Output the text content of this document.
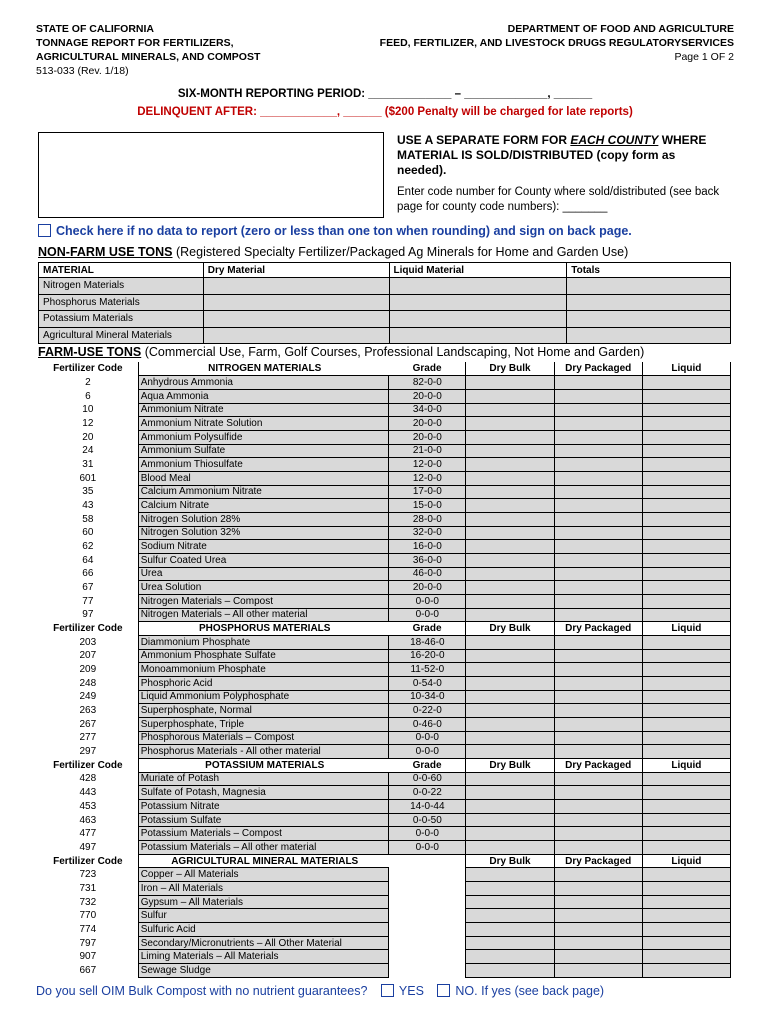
STATE OF CALIFORNIA
TONNAGE REPORT FOR FERTILIZERS,
AGRICULTURAL MINERALS, AND COMPOST
513-033 (Rev. 1/18)
DEPARTMENT OF FOOD AND AGRICULTURE
FEED, FERTILIZER, AND LIVESTOCK DRUGS REGULATORYSERVICES
Page 1 OF 2
SIX-MONTH REPORTING PERIOD: _____________ – _____________, ______
DELINQUENT AFTER: ____________, ______ ($200 Penalty will be charged for late reports)
USE A SEPARATE FORM FOR EACH COUNTY WHERE MATERIAL IS SOLD/DISTRIBUTED (copy form as needed).
Enter code number for County where sold/distributed (see back page for county code numbers): _______
Check here if no data to report (zero or less than one ton when rounding) and sign on back page.
NON-FARM USE TONS (Registered Specialty Fertilizer/Packaged Ag Minerals for Home and Garden Use)
MATERIAL	Dry Material	Liquid Material	Totals
Nitrogen Materials			
Phosphorus Materials			
Potassium Materials			
Agricultural Mineral Materials			
FARM-USE TONS (Commercial Use, Farm, Golf Courses, Professional Landscaping, Not Home and Garden)
Fertilizer Code	NITROGEN MATERIALS	Grade	Dry Bulk	Dry Packaged	Liquid
2	Anhydrous Ammonia	82-0-0			
6	Aqua Ammonia	20-0-0			
10	Ammonium Nitrate	34-0-0			
12	Ammonium Nitrate Solution	20-0-0			
20	Ammonium Polysulfide	20-0-0			
24	Ammonium Sulfate	21-0-0			
31	Ammonium Thiosulfate	12-0-0			
601	Blood Meal	12-0-0			
35	Calcium Ammonium Nitrate	17-0-0			
43	Calcium Nitrate	15-0-0			
58	Nitrogen Solution 28%	28-0-0			
60	Nitrogen Solution 32%	32-0-0			
62	Sodium Nitrate	16-0-0			
64	Sulfur Coated Urea	36-0-0			
66	Urea	46-0-0			
67	Urea Solution	20-0-0			
77	Nitrogen Materials – Compost	0-0-0			
97	Nitrogen Materials – All other material	0-0-0			
Fertilizer Code	PHOSPHORUS MATERIALS	Grade	Dry Bulk	Dry Packaged	Liquid
203	Diammonium Phosphate	18-46-0			
207	Ammonium Phosphate Sulfate	16-20-0			
209	Monoammonium Phosphate	11-52-0			
248	Phosphoric Acid	0-54-0			
249	Liquid Ammonium Polyphosphate	10-34-0			
263	Superphosphate, Normal	0-22-0			
267	Superphosphate, Triple	0-46-0			
277	Phosphorous Materials – Compost	0-0-0			
297	Phosphorus Materials - All other material	0-0-0			
Fertilizer Code	POTASSIUM MATERIALS	Grade	Dry Bulk	Dry Packaged	Liquid
428	Muriate of Potash	0-0-60			
443	Sulfate of Potash, Magnesia	0-0-22			
453	Potassium Nitrate	14-0-44			
463	Potassium Sulfate	0-0-50			
477	Potassium Materials – Compost	0-0-0			
497	Potassium Materials – All other material	0-0-0			
Fertilizer Code	AGRICULTURAL MINERAL MATERIALS		Dry Bulk	Dry Packaged	Liquid
723	Copper – All Materials				
731	Iron – All Materials				
732	Gypsum – All Materials				
770	Sulfur				
774	Sulfuric Acid				
797	Secondary/Micronutrients – All Other Material				
907	Liming Materials – All Materials				
667	Sewage Sludge				
Do you sell OIM Bulk Compost with no nutrient guarantees?	YES	NO. If yes (see back page)
